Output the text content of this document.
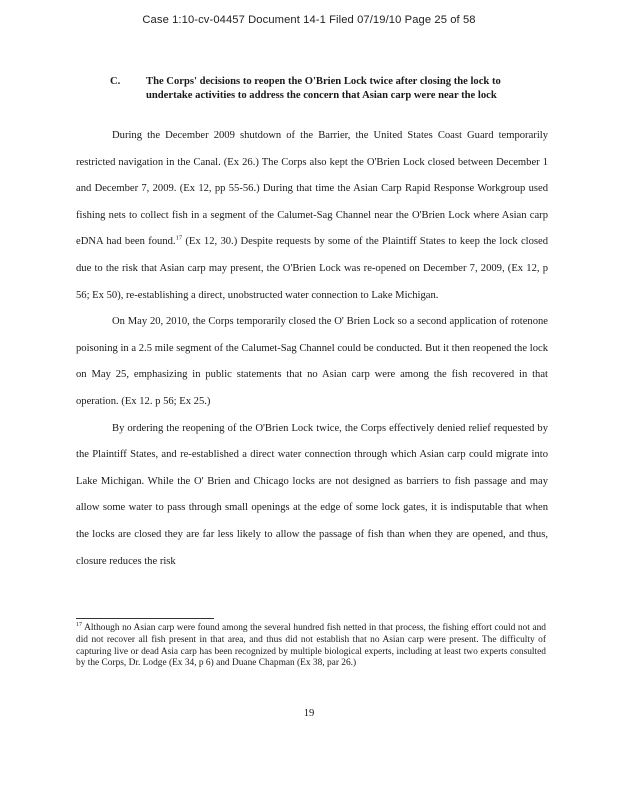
Case 1:10-cv-04457 Document 14-1 Filed 07/19/10 Page 25 of 58
C.	The Corps' decisions to reopen the O'Brien Lock twice after closing the lock to undertake activities to address the concern that Asian carp were near the lock

During the December 2009 shutdown of the Barrier, the United States Coast Guard temporarily restricted navigation in the Canal. (Ex 26.) The Corps also kept the O'Brien Lock closed between December 1 and December 7, 2009. (Ex 12, pp 55-56.) During that time the Asian Carp Rapid Response Workgroup used fishing nets to collect fish in a segment of the Calumet-Sag Channel near the O'Brien Lock where Asian carp eDNA had been found.$^{17}$ (Ex 12, 30.) Despite requests by some of the Plaintiff States to keep the lock closed due to the risk that Asian carp may present, the O'Brien Lock was re-opened on December 7, 2009, (Ex 12, p 56; Ex 50), re-establishing a direct, unobstructed water connection to Lake Michigan.

On May 20, 2010, the Corps temporarily closed the O' Brien Lock so a second application of rotenone poisoning in a 2.5 mile segment of the Calumet-Sag Channel could be conducted. But it then reopened the lock on May 25, emphasizing in public statements that no Asian carp were among the fish recovered in that operation. (Ex 12. p 56; Ex 25.)

By ordering the reopening of the O'Brien Lock twice, the Corps effectively denied relief requested by the Plaintiff States, and re-established a direct water connection through which Asian carp could migrate into Lake Michigan. While the O' Brien and Chicago locks are not designed as barriers to fish passage and may allow some water to pass through small openings at the edge of some lock gates, it is indisputable that when the locks are closed they are far less likely to allow the passage of fish than when they are opened, and thus, closure reduces the risk

$^{17}$ Although no Asian carp were found among the several hundred fish netted in that process, the fishing effort could not and did not recover all fish present in that area, and thus did not establish that no Asian carp were present. The difficulty of capturing live or dead Asia carp has been recognized by multiple biological experts, including at least two experts consulted by the Corps, Dr. Lodge (Ex 34, p 6) and Duane Chapman (Ex 38, par 26.)
19
